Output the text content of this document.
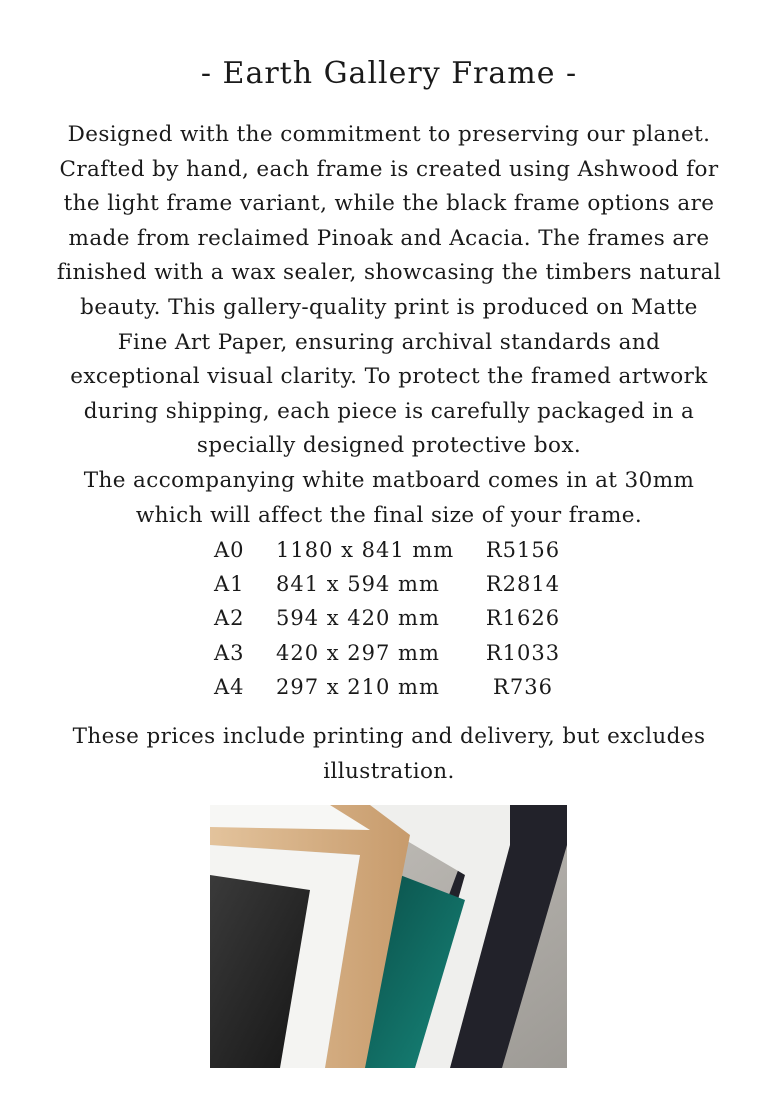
- Earth Gallery Frame -

Designed with the commitment to preserving our planet.

Crafted by hand, each frame is created using Ashwood for

the light frame variant, while the black frame options are

made from reclaimed Pinoak and Acacia. The frames are

finished with a wax sealer, showcasing the timbers natural

beauty. This gallery-quality print is produced on Matte

Fine Art Paper, ensuring archival standards and

exceptional visual clarity. To protect the framed artwork

during shipping, each piece is carefully packaged in a

specially designed protective box.

The accompanying white matboard comes in at 30mm

which will affect the final size of your frame.

A0	1180 x 841 mm	R5156
A1	841 x 594 mm	R2814
A2	594 x 420 mm	R1626
A3	420 x 297 mm	R1033
A4	297 x 210 mm	R736
These prices include printing and delivery, but excludes
illustration.
